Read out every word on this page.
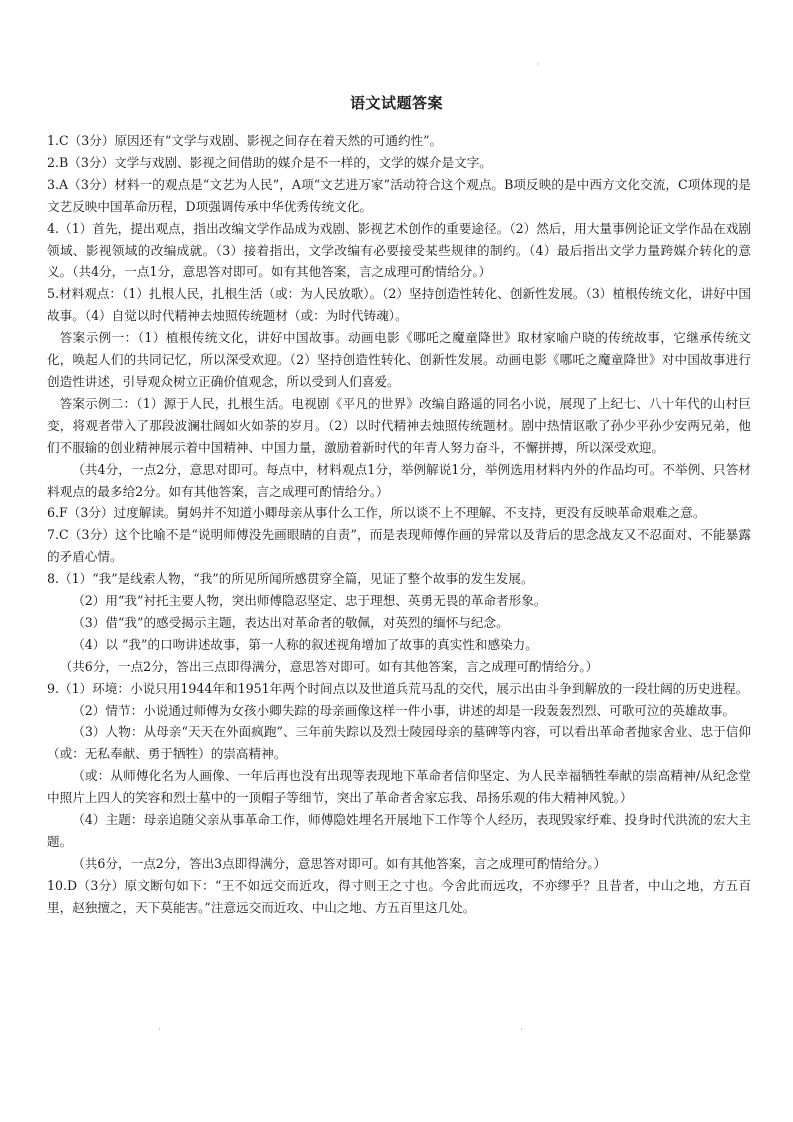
·
语文试题答案

1.C（3分）原因还有“文学与戏剧、影视之间存在着天然的可通约性”。

2.B（3分）文学与戏剧、影视之间借助的媒介是不一样的，文学的媒介是文字。

3.A（3分）材料一的观点是“文艺为人民”，A项“文艺进万家”活动符合这个观点。B项反映的是中西方文化交流，C项体现的是文艺反映中国革命历程，D项强调传承中华优秀传统文化。

4.（1）首先，提出观点，指出改编文学作品成为戏剧、影视艺术创作的重要途径。（2）然后，用大量事例论证文学作品在戏剧领域、影视领域的改编成就。（3）接着指出，文学改编有必要接受某些规律的制约。（4）最后指出文学力量跨媒介转化的意义。（共4分，一点1分，意思答对即可。如有其他答案，言之成理可酌情给分。）

5.材料观点：（1）扎根人民，扎根生活（或：为人民放歌）。（2）坚持创造性转化、创新性发展。（3）植根传统文化，讲好中国故事。（4）自觉以时代精神去烛照传统题材（或：为时代铸魂）。

答案示例一：（1）植根传统文化，讲好中国故事。动画电影《哪吒之魔童降世》取材家喻户晓的传统故事，它继承传统文化，唤起人们的共同记忆，所以深受欢迎。（2）坚持创造性转化、创新性发展。动画电影《哪吒之魔童降世》对中国故事进行创造性讲述，引导观众树立正确价值观念，所以受到人们喜爱。

答案示例二：（1）源于人民，扎根生活。电视剧《平凡的世界》改编自路遥的同名小说，展现了上纪七、八十年代的山村巨变，将观者带入了那段波澜壮阔如火如荼的岁月。（2）以时代精神去烛照传统题材。剧中热情讴歌了孙少平孙少安两兄弟，他们不服输的创业精神展示着中国精神、中国力量，激励着新时代的年青人努力奋斗，不懈拼搏，所以深受欢迎。

（共4分，一点2分，意思对即可。每点中，材料观点1分，举例解说1分，举例选用材料内外的作品均可。不举例、只答材料观点的最多给2分。如有其他答案，言之成理可酌情给分。）

6.F（3分）过度解读。舅妈并不知道小卿母亲从事什么工作，所以谈不上不理解、不支持，更没有反映革命艰难之意。

7.C（3分）这个比喻不是“说明师傅没先画眼睛的自责”，而是表现师傅作画的异常以及背后的思念战友又不忍面对、不能暴露的矛盾心情。

8.（1）“我”是线索人物，“我”的所见所闻所感贯穿全篇，见证了整个故事的发生发展。

（2）用“我”衬托主要人物，突出师傅隐忍坚定、忠于理想、英勇无畏的革命者形象。

（3）借“我”的感受揭示主题，表达出对革命者的敬佩，对英烈的缅怀与纪念。

（4）以 “我”的口吻讲述故事，第一人称的叙述视角增加了故事的真实性和感染力。

（共6分，一点2分，答出三点即得满分，意思答对即可。如有其他答案，言之成理可酌情给分。）

9.（1）环境：小说只用1944年和1951年两个时间点以及世道兵荒马乱的交代，展示出由斗争到解放的一段壮阔的历史进程。

（2）情节：小说通过师傅为女孩小卿失踪的母亲画像这样一件小事，讲述的却是一段轰轰烈烈、可歌可泣的英雄故事。

（3）人物：从母亲“天天在外面疯跑”、三年前失踪以及烈士陵园母亲的墓碑等内容，可以看出革命者抛家舍业、忠于信仰（或：无私奉献、勇于牺牲）的崇高精神。

（或：从师傅化名为人画像、一年后再也没有出现等表现地下革命者信仰坚定、为人民幸福牺牲奉献的崇高精神/从纪念堂中照片上四人的笑容和烈士墓中的一顶帽子等细节，突出了革命者舍家忘我、昂扬乐观的伟大精神风貌。）

（4）主题：母亲追随父亲从事革命工作，师傅隐姓埋名开展地下工作等个人经历，表现毁家纾难、投身时代洪流的宏大主题。

（共6分，一点2分，答出3点即得满分，意思答对即可。如有其他答案，言之成理可酌情给分。）

10.D（3分）原文断句如下：“王不如远交而近攻，得寸则王之寸也。今舍此而远攻，不亦缪乎？且昔者，中山之地，方五百里，赵独擅之，天下莫能害。”注意远交而近攻、中山之地、方五百里这几处。

·	·
